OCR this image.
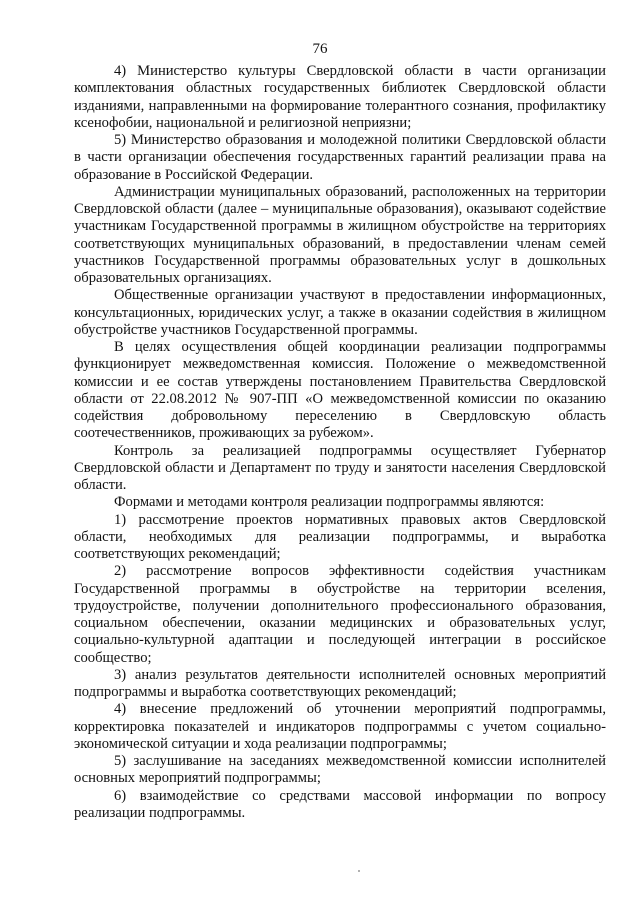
76

4) Министерство культуры Свердловской области в части организации комплектования областных государственных библиотек Свердловской области изданиями, направленными на формирование толерантного сознания, профилактику ксенофобии, национальной и религиозной неприязни;

5) Министерство образования и молодежной политики Свердловской области в части организации обеспечения государственных гарантий реализации права на образование в Российской Федерации.

Администрации муниципальных образований, расположенных на территории Свердловской области (далее – муниципальные образования), оказывают содействие участникам Государственной программы в жилищном обустройстве на территориях соответствующих муниципальных образований, в предоставлении членам семей участников Государственной программы образовательных услуг в дошкольных образовательных организациях.

Общественные организации участвуют в предоставлении информационных, консультационных, юридических услуг, а также в оказании содействия в жилищном обустройстве участников Государственной программы.

В целях осуществления общей координации реализации подпрограммы функционирует межведомственная комиссия. Положение о межведомственной комиссии и ее состав утверждены постановлением Правительства Свердловской области от 22.08.2012 № 907-ПП «О межведомственной комиссии по оказанию содействия добровольному переселению в Свердловскую область соотечественников, проживающих за рубежом».

Контроль за реализацией подпрограммы осуществляет Губернатор Свердловской области и Департамент по труду и занятости населения Свердловской области.

Формами и методами контроля реализации подпрограммы являются:

1) рассмотрение проектов нормативных правовых актов Свердловской области, необходимых для реализации подпрограммы, и выработка соответствующих рекомендаций;

2) рассмотрение вопросов эффективности содействия участникам Государственной программы в обустройстве на территории вселения, трудоустройстве, получении дополнительного профессионального образования, социальном обеспечении, оказании медицинских и образовательных услуг, социально-культурной адаптации и последующей интеграции в российское сообщество;

3) анализ результатов деятельности исполнителей основных мероприятий подпрограммы и выработка соответствующих рекомендаций;

4) внесение предложений об уточнении мероприятий подпрограммы, корректировка показателей и индикаторов подпрограммы с учетом социально-экономической ситуации и хода реализации подпрограммы;

5) заслушивание на заседаниях межведомственной комиссии исполнителей основных мероприятий подпрограммы;

6) взаимодействие со средствами массовой информации по вопросу реализации подпрограммы.
